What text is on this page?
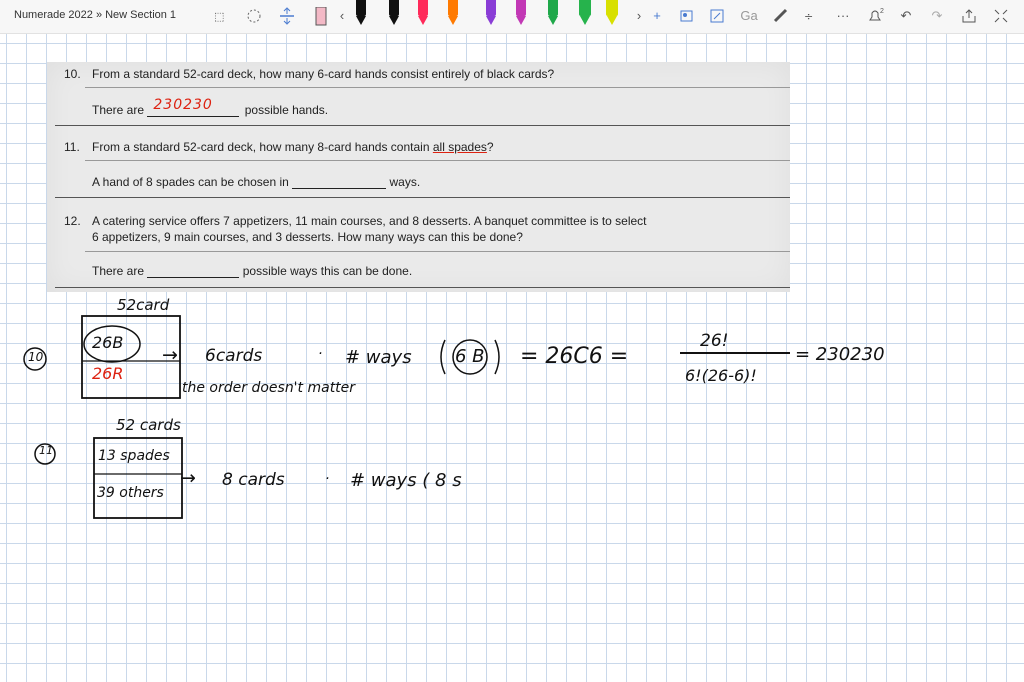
Numerade 2022 » New Section 1	⬚	‹	› +	Ga	÷ ···	2 ↶ ↷
10. From a standard 52-card deck, how many 6-card hands consist entirely of black cards?
There are 230230	possible hands.
11. From a standard 52-card deck, how many 8-card hands contain all spades?
A hand of 8 spades can be chosen in	ways.
12. A catering service offers 7 appetizers, 11 main courses, and 8 desserts. A banquet committee is to select
6 appetizers, 9 main courses, and 3 desserts. How many ways can this be done?
There are	possible ways this can be done.
52card
10
26B
26R
→ 6cards	· # ways 6 B = 26C6 =
26!
6!(26-6)!
= 230230
the order doesn't matter
52 cards
11	13 spades
39 others
→ 8 cards	· # ways ( 8 s
